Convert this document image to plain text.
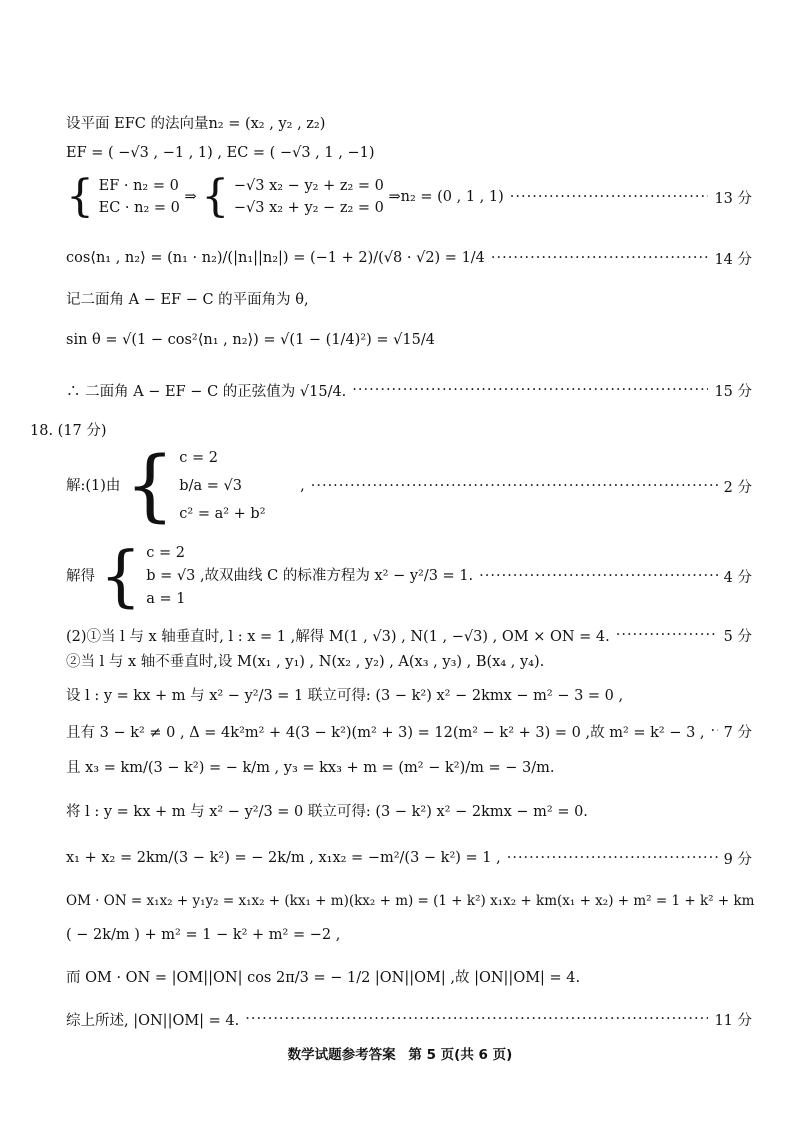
设平面 EFC 的法向量n₂ = (x₂ , y₂ , z₂)
EF = ( −√3 , −1 , 1) , EC = ( −√3 , 1 , −1)
{ EF · n₂ = 0
EC · n₂ = 0
⇒ { −√3 x₂ − y₂ + z₂ = 0
−√3 x₂ + y₂ − z₂ = 0
⇒n₂ = (0 , 1 , 1) ·····	13 分
cos⟨n₁ , n₂⟩ = (n₁ · n₂)/(|n₁||n₂|) = (−1 + 2)/(√8 · √2) = 1/4 ·····	14 分
记二面角 A − EF − C 的平面角为 θ,
sin θ = √(1 − cos²⟨n₁ , n₂⟩) = √(1 − (1/4)²) = √15/4
∴ 二面角 A − EF − C 的正弦值为 √15/4. ·····	15 分
18. (17 分)
解:(1)由 { c = 2
b/a = √3
c² = a² + b²
, ·····	2 分
解得 { c = 2
b = √3 ,故双曲线 C 的标准方程为 x² − y²/3 = 1.
a = 1
·····
4 分
(2)①当 l 与 x 轴垂直时, l : x = 1 ,解得 M(1 , √3) , N(1 , −√3) , OM × ON = 4. ·····	5 分
②当 l 与 x 轴不垂直时,设 M(x₁ , y₁) , N(x₂ , y₂) , A(x₃ , y₃) , B(x₄ , y₄).
设 l : y = kx + m 与 x² − y²/3 = 1 联立可得: (3 − k²) x² − 2kmx − m² − 3 = 0 ,
且有 3 − k² ≠ 0 , Δ = 4k²m² + 4(3 − k²)(m² + 3) = 12(m² − k² + 3) = 0 ,故 m² = k² − 3 , ····· 7 分
且 x₃ = km/(3 − k²) = − k/m , y₃ = kx₃ + m = (m² − k²)/m = − 3/m.
将 l : y = kx + m 与 x² − y²/3 = 0 联立可得: (3 − k²) x² − 2kmx − m² = 0.
x₁ + x₂ = 2km/(3 − k²) = − 2k/m , x₁x₂ = −m²/(3 − k²) = 1 , ·····	9 分
OM · ON = x₁x₂ + y₁y₂ = x₁x₂ + (kx₁ + m)(kx₂ + m) = (1 + k²) x₁x₂ + km(x₁ + x₂) + m² = 1 + k² + km
( − 2k/m ) + m² = 1 − k² + m² = −2 ,
而 OM · ON = |OM||ON| cos 2π/3 = − 1/2 |ON||OM| ,故 |ON||OM| = 4.
综上所述, |ON||OM| = 4. ·····	11 分
数学试题参考答案 第 5 页(共 6 页)
